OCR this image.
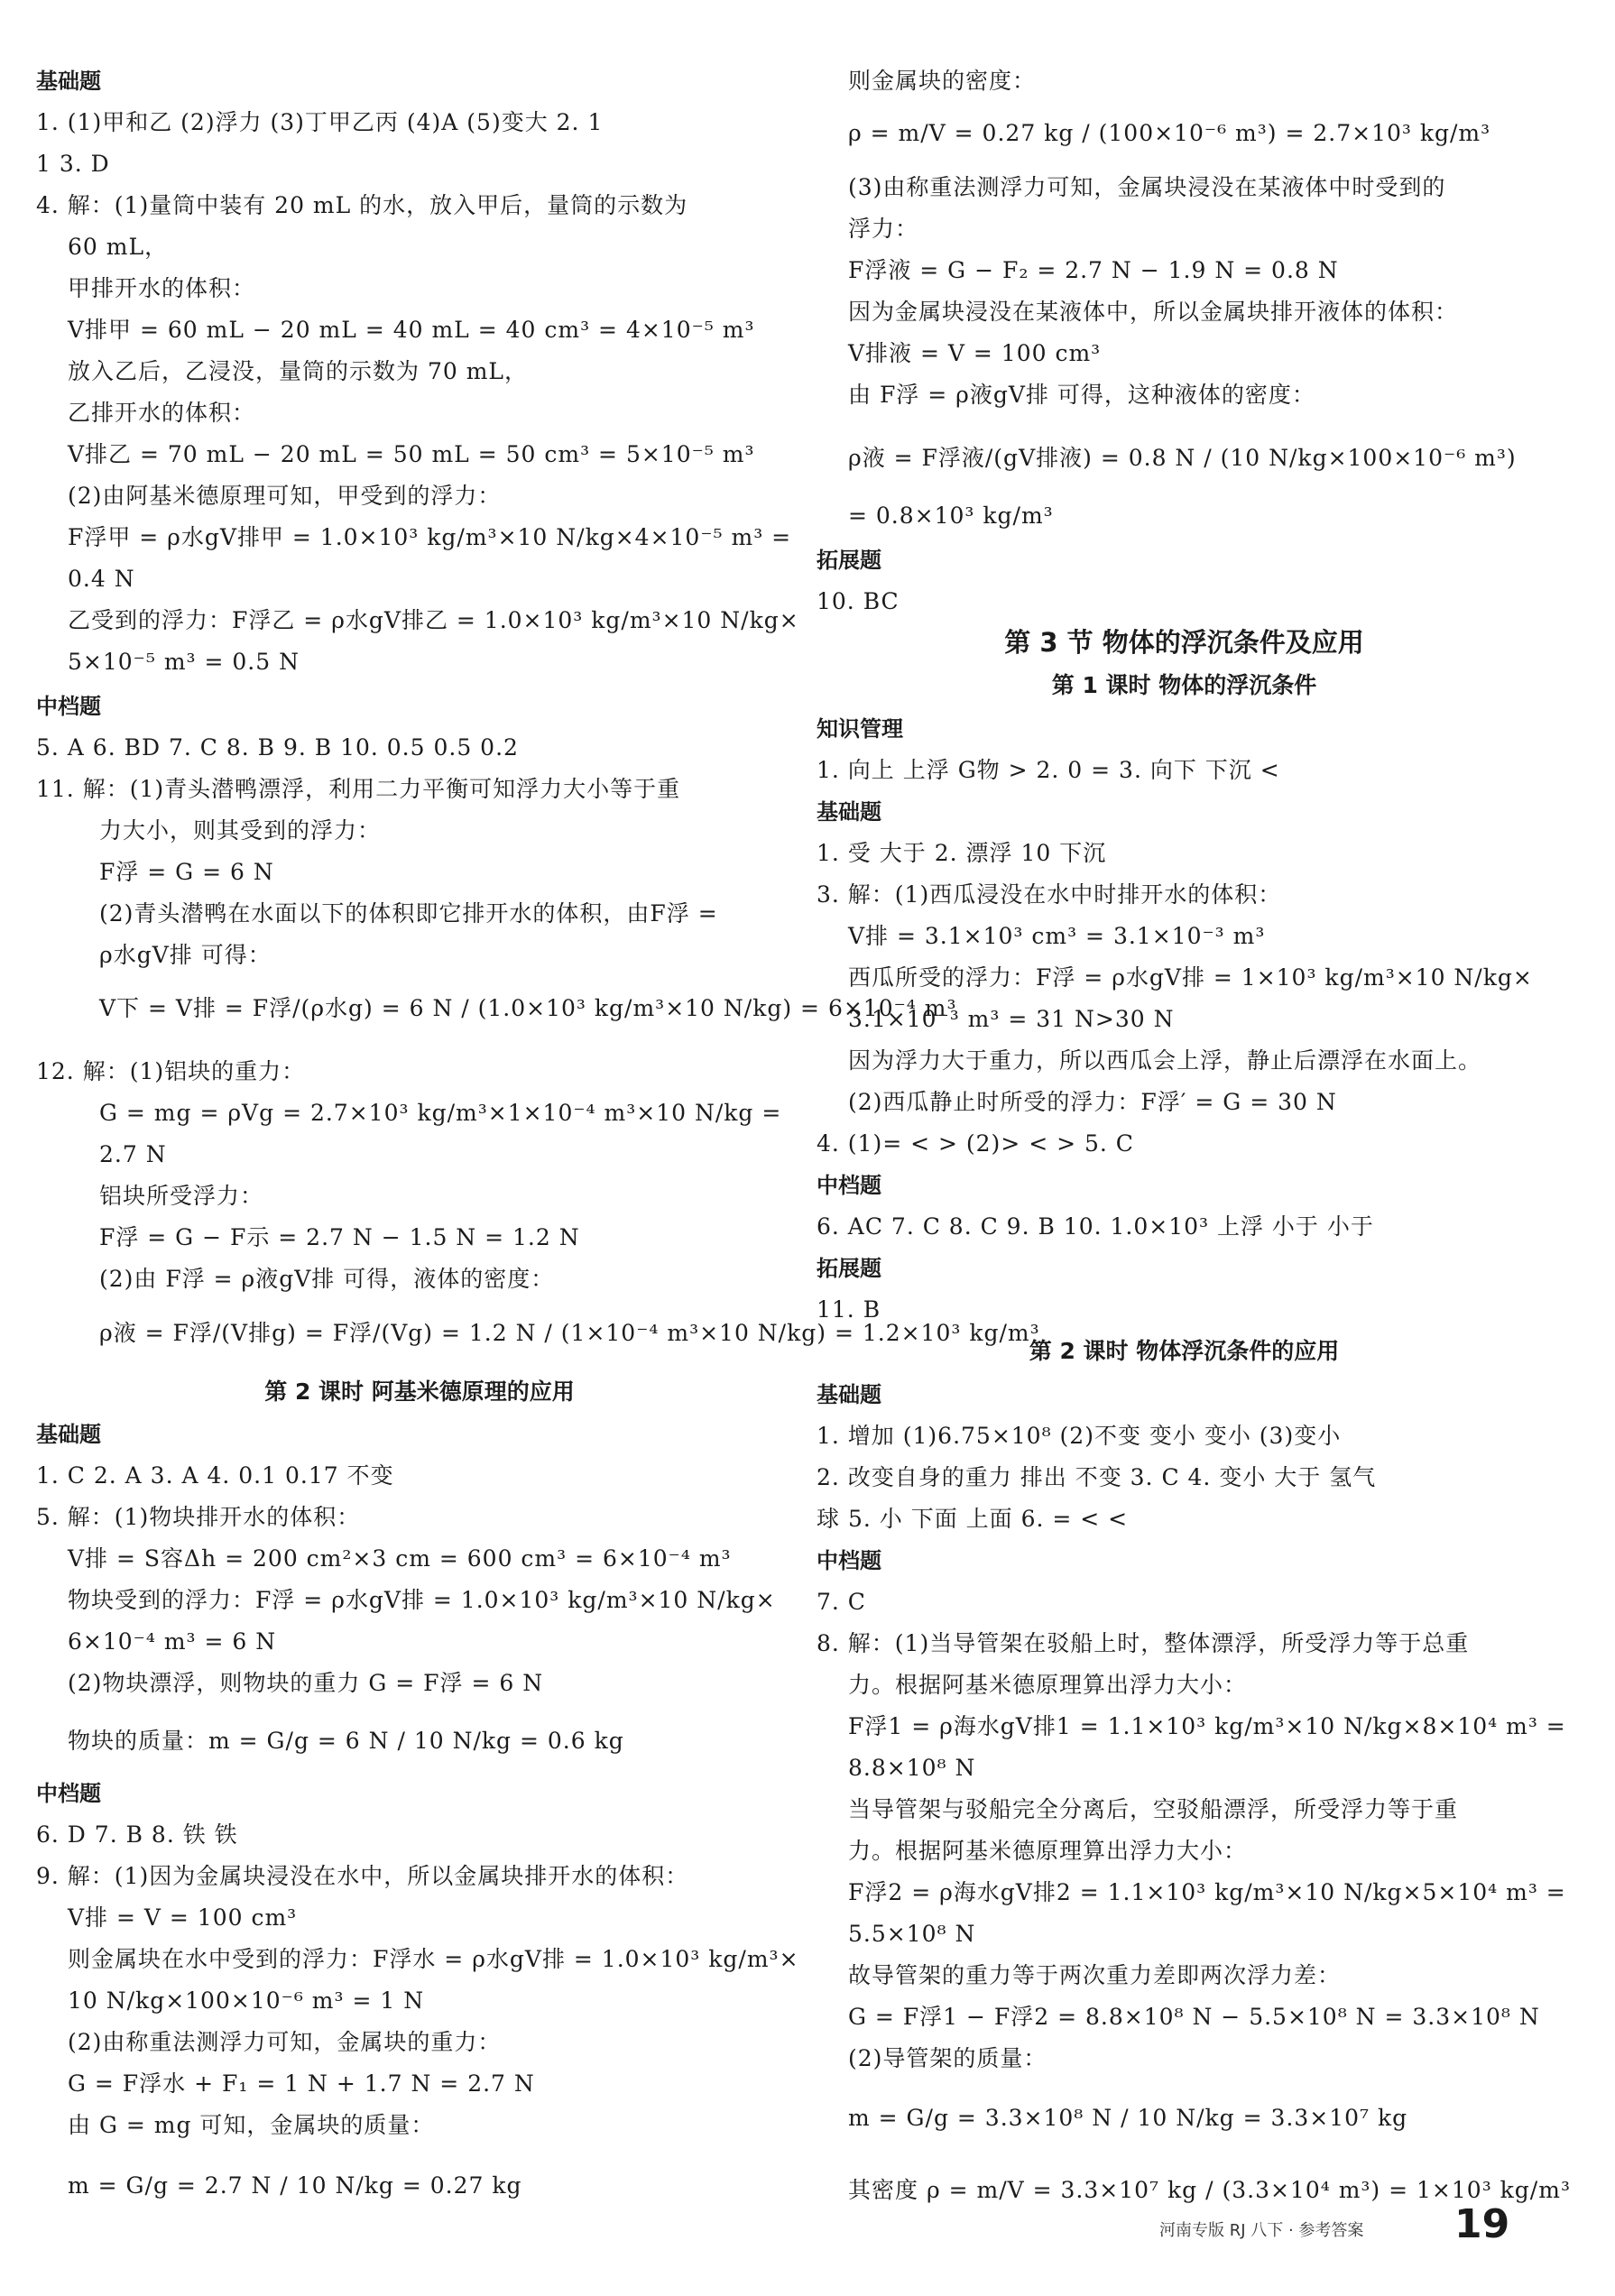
基础题
1. (1)甲和乙 (2)浮力 (3)丁甲乙丙 (4)A (5)变大 2. 1
1 3. D
4. 解：(1)量筒中装有 20 mL 的水，放入甲后，量筒的示数为
60 mL，
甲排开水的体积：
V排甲 = 60 mL − 20 mL = 40 mL = 40 cm³ = 4×10⁻⁵ m³
放入乙后，乙浸没，量筒的示数为 70 mL，
乙排开水的体积：
V排乙 = 70 mL − 20 mL = 50 mL = 50 cm³ = 5×10⁻⁵ m³
(2)由阿基米德原理可知，甲受到的浮力：
F浮甲 = ρ水gV排甲 = 1.0×10³ kg/m³×10 N/kg×4×10⁻⁵ m³ =
0.4 N
乙受到的浮力：F浮乙 = ρ水gV排乙 = 1.0×10³ kg/m³×10 N/kg×
5×10⁻⁵ m³ = 0.5 N
中档题
5. A 6. BD 7. C 8. B 9. B 10. 0.5 0.5 0.2
11. 解：(1)青头潜鸭漂浮，利用二力平衡可知浮力大小等于重
力大小，则其受到的浮力：
F浮 = G = 6 N
(2)青头潜鸭在水面以下的体积即它排开水的体积，由F浮 =
ρ水gV排 可得：
V下 = V排 = F浮/(ρ水g) = 6 N / (1.0×10³ kg/m³×10 N/kg) = 6×10⁻⁴ m³
12. 解：(1)铝块的重力：
G = mg = ρVg = 2.7×10³ kg/m³×1×10⁻⁴ m³×10 N/kg =
2.7 N
铝块所受浮力：
F浮 = G − F示 = 2.7 N − 1.5 N = 1.2 N
(2)由 F浮 = ρ液gV排 可得，液体的密度：
ρ液 = F浮/(V排g) = F浮/(Vg) = 1.2 N / (1×10⁻⁴ m³×10 N/kg) = 1.2×10³ kg/m³
第 2 课时 阿基米德原理的应用
基础题
1. C 2. A 3. A 4. 0.1 0.17 不变
5. 解：(1)物块排开水的体积：
V排 = S容Δh = 200 cm²×3 cm = 600 cm³ = 6×10⁻⁴ m³
物块受到的浮力：F浮 = ρ水gV排 = 1.0×10³ kg/m³×10 N/kg×
6×10⁻⁴ m³ = 6 N
(2)物块漂浮，则物块的重力 G = F浮 = 6 N
物块的质量：m = G/g = 6 N / 10 N/kg = 0.6 kg
中档题
6. D 7. B 8. 铁 铁
9. 解：(1)因为金属块浸没在水中，所以金属块排开水的体积：
V排 = V = 100 cm³
则金属块在水中受到的浮力：F浮水 = ρ水gV排 = 1.0×10³ kg/m³×
10 N/kg×100×10⁻⁶ m³ = 1 N
(2)由称重法测浮力可知，金属块的重力：
G = F浮水 + F₁ = 1 N + 1.7 N = 2.7 N
由 G = mg 可知，金属块的质量：
m = G/g = 2.7 N / 10 N/kg = 0.27 kg
则金属块的密度：
ρ = m/V = 0.27 kg / (100×10⁻⁶ m³) = 2.7×10³ kg/m³
(3)由称重法测浮力可知，金属块浸没在某液体中时受到的
浮力：
F浮液 = G − F₂ = 2.7 N − 1.9 N = 0.8 N
因为金属块浸没在某液体中，所以金属块排开液体的体积：
V排液 = V = 100 cm³
由 F浮 = ρ液gV排 可得，这种液体的密度：
ρ液 = F浮液/(gV排液) = 0.8 N / (10 N/kg×100×10⁻⁶ m³)
= 0.8×10³ kg/m³
拓展题
10. BC
第 3 节 物体的浮沉条件及应用
第 1 课时 物体的浮沉条件
知识管理
1. 向上 上浮 G物 > 2. 0 = 3. 向下 下沉 <
基础题
1. 受 大于 2. 漂浮 10 下沉
3. 解：(1)西瓜浸没在水中时排开水的体积：
V排 = 3.1×10³ cm³ = 3.1×10⁻³ m³
西瓜所受的浮力：F浮 = ρ水gV排 = 1×10³ kg/m³×10 N/kg×
3.1×10⁻³ m³ = 31 N>30 N
因为浮力大于重力，所以西瓜会上浮，静止后漂浮在水面上。
(2)西瓜静止时所受的浮力：F浮′ = G = 30 N
4. (1)= < > (2)> < > 5. C
中档题
6. AC 7. C 8. C 9. B 10. 1.0×10³ 上浮 小于 小于
拓展题
11. B
第 2 课时 物体浮沉条件的应用
基础题
1. 增加 (1)6.75×10⁸ (2)不变 变小 变小 (3)变小
2. 改变自身的重力 排出 不变 3. C 4. 变小 大于 氢气
球 5. 小 下面 上面 6. = < <
中档题
7. C
8. 解：(1)当导管架在驳船上时，整体漂浮，所受浮力等于总重
力。根据阿基米德原理算出浮力大小：
F浮1 = ρ海水gV排1 = 1.1×10³ kg/m³×10 N/kg×8×10⁴ m³ =
8.8×10⁸ N
当导管架与驳船完全分离后，空驳船漂浮，所受浮力等于重
力。根据阿基米德原理算出浮力大小：
F浮2 = ρ海水gV排2 = 1.1×10³ kg/m³×10 N/kg×5×10⁴ m³ =
5.5×10⁸ N
故导管架的重力等于两次重力差即两次浮力差：
G = F浮1 − F浮2 = 8.8×10⁸ N − 5.5×10⁸ N = 3.3×10⁸ N
(2)导管架的质量：
m = G/g = 3.3×10⁸ N / 10 N/kg = 3.3×10⁷ kg
其密度 ρ = m/V = 3.3×10⁷ kg / (3.3×10⁴ m³) = 1×10³ kg/m³
河南专版 RJ 八下 · 参考答案 19
